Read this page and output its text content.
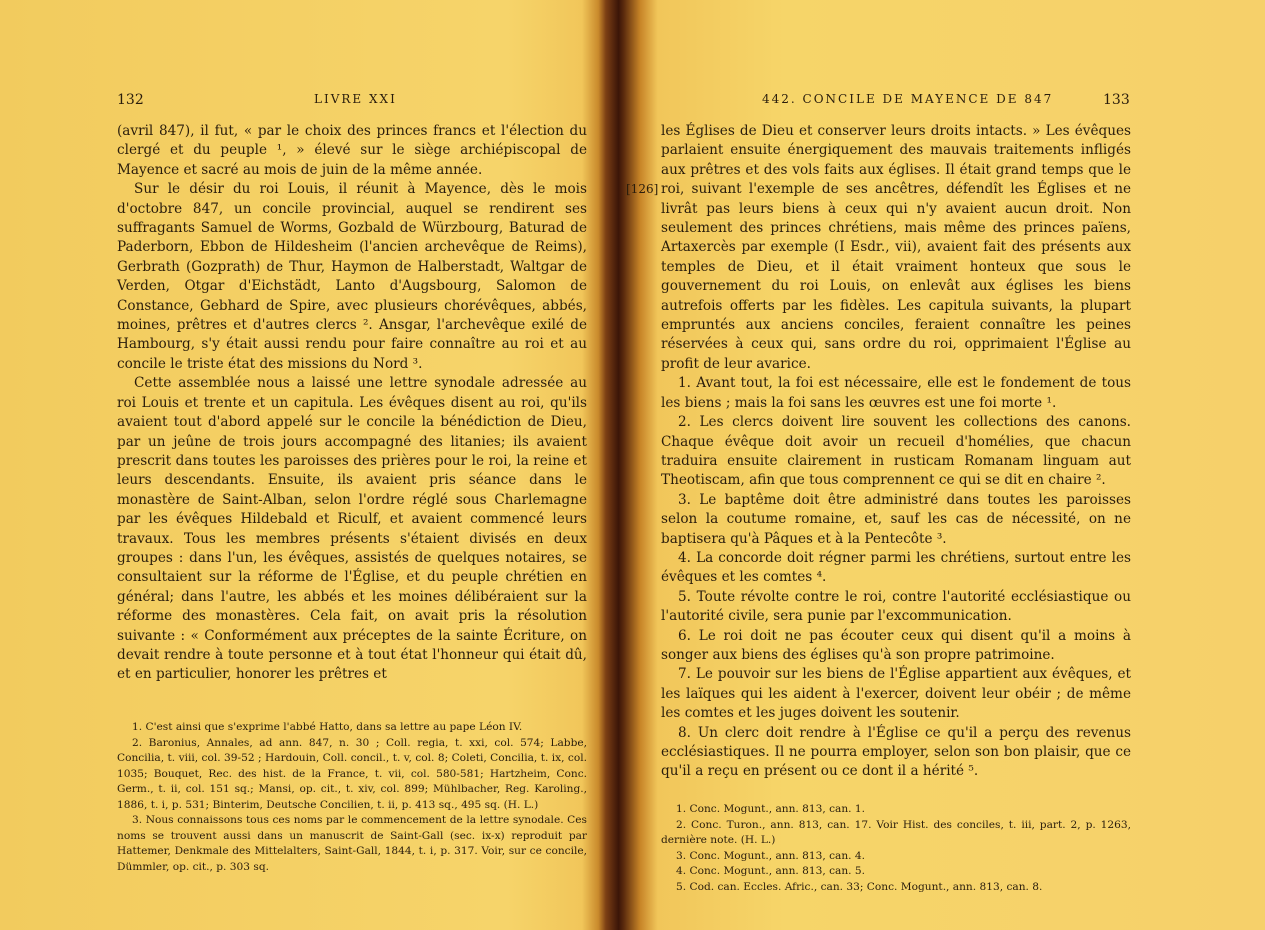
132	LIVRE XXI

(avril 847), il fut, « par le choix des princes francs et l'élection du clergé et du peuple ¹, » élevé sur le siège archiépiscopal de Mayence et sacré au mois de juin de la même année.

Sur le désir du roi Louis, il réunit à Mayence, dès le mois d'octobre 847, un concile provincial, auquel se rendirent ses suffragants Samuel de Worms, Gozbald de Würzbourg, Baturad de Paderborn, Ebbon de Hildesheim (l'ancien archevêque de Reims), Gerbrath (Gozprath) de Thur, Haymon de Halberstadt, Waltgar de Verden, Otgar d'Eichstädt, Lanto d'Augsbourg, Salomon de Constance, Gebhard de Spire, avec plusieurs chorévêques, abbés, moines, prêtres et d'autres clercs ². Ansgar, l'archevêque exilé de Hambourg, s'y était aussi rendu pour faire connaître au roi et au concile le triste état des missions du Nord ³.

Cette assemblée nous a laissé une lettre synodale adressée au roi Louis et trente et un capitula. Les évêques disent au roi, qu'ils avaient tout d'abord appelé sur le concile la bénédiction de Dieu, par un jeûne de trois jours accompagné des litanies; ils avaient prescrit dans toutes les paroisses des prières pour le roi, la reine et leurs descendants. Ensuite, ils avaient pris séance dans le monastère de Saint-Alban, selon l'ordre réglé sous Charlemagne par les évêques Hildebald et Riculf, et avaient commencé leurs travaux. Tous les membres présents s'étaient divisés en deux groupes : dans l'un, les évêques, assistés de quelques notaires, se consultaient sur la réforme de l'Église, et du peuple chrétien en général; dans l'autre, les abbés et les moines délibéraient sur la réforme des monastères. Cela fait, on avait pris la résolution suivante : « Conformément aux préceptes de la sainte Écriture, on devait rendre à toute personne et à tout état l'honneur qui était dû, et en particulier, honorer les prêtres et

1. C'est ainsi que s'exprime l'abbé Hatto, dans sa lettre au pape Léon IV.

2. Baronius, Annales, ad ann. 847, n. 30 ; Coll. regia, t. xxi, col. 574; Labbe, Concilia, t. viii, col. 39-52 ; Hardouin, Coll. concil., t. v, col. 8; Coleti, Concilia, t. ix, col. 1035; Bouquet, Rec. des hist. de la France, t. vii, col. 580-581; Hartzheim, Conc. Germ., t. ii, col. 151 sq.; Mansi, op. cit., t. xiv, col. 899; Mühlbacher, Reg. Karoling., 1886, t. i, p. 531; Binterim, Deutsche Concilien, t. ii, p. 413 sq., 495 sq. (H. L.)

3. Nous connaissons tous ces noms par le commencement de la lettre synodale. Ces noms se trouvent aussi dans un manuscrit de Saint-Gall (sec. ix-x) reproduit par Hattemer, Denkmale des Mittelalters, Saint-Gall, 1844, t. i, p. 317. Voir, sur ce concile, Dümmler, op. cit., p. 303 sq.

[126]
442. CONCILE DE MAYENCE DE 847	133

les Églises de Dieu et conserver leurs droits intacts. » Les évêques parlaient ensuite énergiquement des mauvais traitements infligés aux prêtres et des vols faits aux églises. Il était grand temps que le roi, suivant l'exemple de ses ancêtres, défendît les Églises et ne livrât pas leurs biens à ceux qui n'y avaient aucun droit. Non seulement des princes chrétiens, mais même des princes païens, Artaxercès par exemple (I Esdr., vii), avaient fait des présents aux temples de Dieu, et il était vraiment honteux que sous le gouvernement du roi Louis, on enlevât aux églises les biens autrefois offerts par les fidèles. Les capitula suivants, la plupart empruntés aux anciens conciles, feraient connaître les peines réservées à ceux qui, sans ordre du roi, opprimaient l'Église au profit de leur avarice.

1. Avant tout, la foi est nécessaire, elle est le fondement de tous les biens ; mais la foi sans les œuvres est une foi morte ¹.

2. Les clercs doivent lire souvent les collections des canons. Chaque évêque doit avoir un recueil d'homélies, que chacun traduira ensuite clairement in rusticam Romanam linguam aut Theotiscam, afin que tous comprennent ce qui se dit en chaire ².

3. Le baptême doit être administré dans toutes les paroisses selon la coutume romaine, et, sauf les cas de nécessité, on ne baptisera qu'à Pâques et à la Pentecôte ³.

4. La concorde doit régner parmi les chrétiens, surtout entre les évêques et les comtes ⁴.

5. Toute révolte contre le roi, contre l'autorité ecclésiastique ou l'autorité civile, sera punie par l'excommunication.

6. Le roi doit ne pas écouter ceux qui disent qu'il a moins à songer aux biens des églises qu'à son propre patrimoine.

7. Le pouvoir sur les biens de l'Église appartient aux évêques, et les laïques qui les aident à l'exercer, doivent leur obéir ; de même les comtes et les juges doivent les soutenir.

8. Un clerc doit rendre à l'Église ce qu'il a perçu des revenus ecclésiastiques. Il ne pourra employer, selon son bon plaisir, que ce qu'il a reçu en présent ou ce dont il a hérité ⁵.

1. Conc. Mogunt., ann. 813, can. 1.

2. Conc. Turon., ann. 813, can. 17. Voir Hist. des conciles, t. iii, part. 2, p. 1263, dernière note. (H. L.)

3. Conc. Mogunt., ann. 813, can. 4.

4. Conc. Mogunt., ann. 813, can. 5.

5. Cod. can. Eccles. Afric., can. 33; Conc. Mogunt., ann. 813, can. 8.
